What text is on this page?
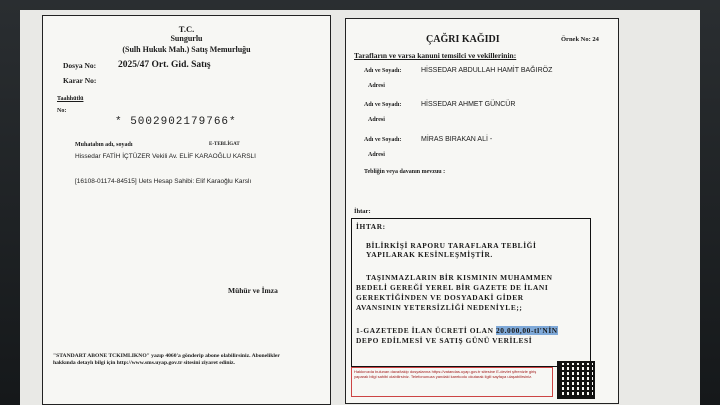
T.C.
Sungurlu
(Sulh Hukuk Mah.) Satış Memurluğu
Dosya No: 2025/47 Ort. Gid. Satış
Karar No:
Taahhütlü
No:
* 5002902179766*
Muhatabın adı, soyadı	E-TEBLİGAT
Hissedar FATİH İÇTÜZER Vekili Av. ELİF KARAOĞLU KARSLI
[16108-01174-84515] Uets Hesap Sahibi: Elif Karaoğlu Karslı
Mühür ve İmza
"STANDART ABONE TCKIMLIKNO" yazıp 4060'a gönderip abone olabilirsiniz. Abonelikler hakkında detaylı bilgi için http://www.sms.uyap.gov.tr sitesini ziyaret ediniz.
ÇAĞRI KAĞIDI	Örnek No: 24
Tarafların ve varsa kanuni temsilci ve vekillerinin:
Adı ve Soyadı:	HİSSEDAR ABDULLAH HAMİT BAĞIRÖZ
Adresi
Adı ve Soyadı:	HİSSEDAR AHMET GÜNCÜR
Adresi
Adı ve Soyadı:	MİRAS BIRAKAN ALİ -
Adresi
Tebliğin veya davanın mevzuu :
İhtar:

İHTAR:

BİLİRKİŞİ RAPORU TARAFLARA TEBLİĞİ

YAPILARAK KESİNLEŞMİŞTİR.

TAŞINMAZLARIN BİR KISMININ MUHAMMEN

BEDELİ GEREĞİ YEREL BİR GAZETE DE İLANI

GEREKTİĞİNDEN VE DOSYADAKİ GİDER

AVANSININ YETERSİZLİĞİ NEDENİYLE;;

1-GAZETEDE İLAN ÜCRETİ OLAN 20.000,00-tl'NİN

DEPO EDİLMESİ VE SATIŞ GÜNÜ VERİLESİ

Hakkınızda bulunan dava/takip dosyalarına https://vatandas.uyap.gov.tr sitesine E-devlet şifrenizle giriş yaparak bilgi sahibi olabilirsiniz. Telefonunuza yandaki karekodu okutarak ilgili sayfaya ulaşabilirsiniz.
